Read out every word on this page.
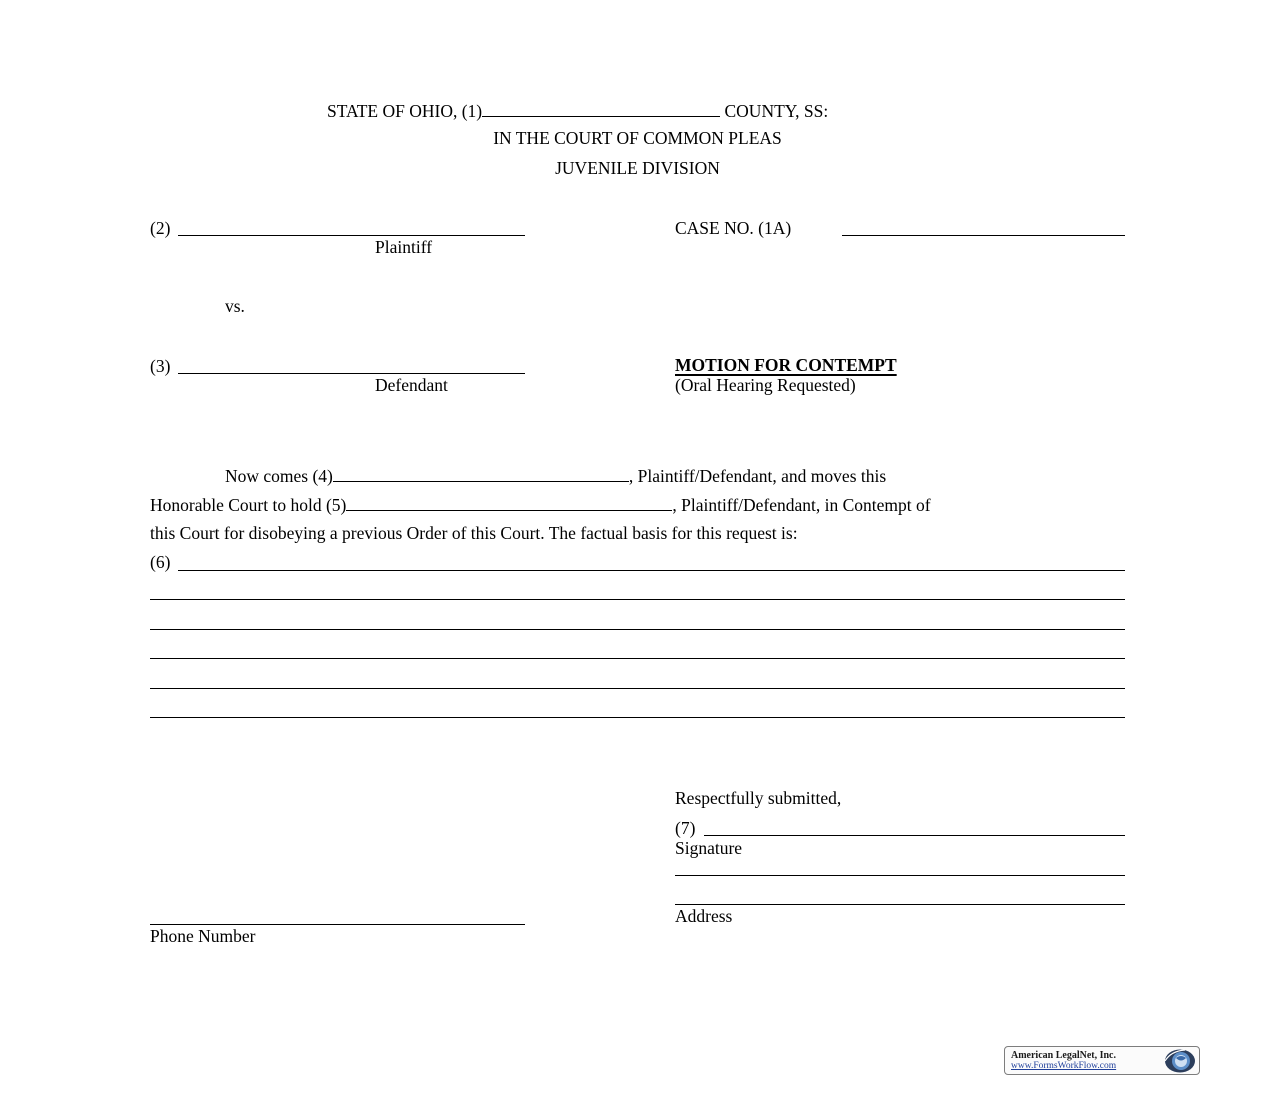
STATE OF OHIO, (1)	COUNTY, SS:
IN THE COURT OF COMMON PLEAS
JUVENILE DIVISION
(2)
Plaintiff
CASE NO. (1A)
vs.
(3)
Defendant
MOTION FOR CONTEMPT
(Oral Hearing Requested)
Now comes (4)	, Plaintiff/Defendant, and moves this
Honorable Court to hold (5)	, Plaintiff/Defendant, in Contempt of
this Court for disobeying a previous Order of this Court. The factual basis for this request is:
(6)
Respectfully submitted,
(7)
Signature
Address
Phone Number
American LegalNet, Inc.
www.FormsWorkFlow.com
